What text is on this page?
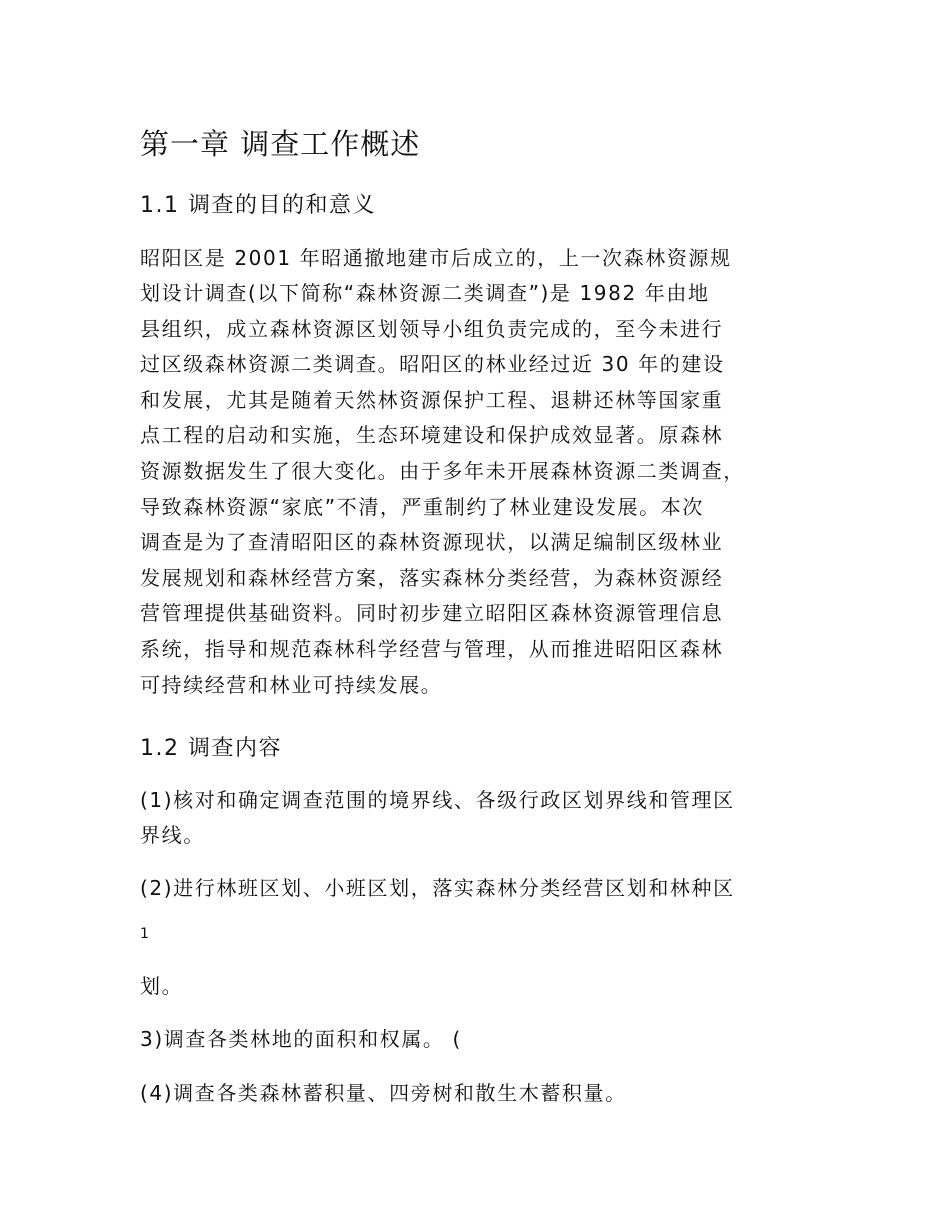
第一章 调查工作概述
1.1 调查的目的和意义
昭阳区是 2001 年昭通撤地建市后成立的，上一次森林资源规
划设计调查(以下简称“森林资源二类调查”)是 1982 年由地
县组织，成立森林资源区划领导小组负责完成的，至今未进行
过区级森林资源二类调查。昭阳区的林业经过近 30 年的建设
和发展，尤其是随着天然林资源保护工程、退耕还林等国家重
点工程的启动和实施，生态环境建设和保护成效显著。原森林
资源数据发生了很大变化。由于多年未开展森林资源二类调查，
导致森林资源“家底”不清，严重制约了林业建设发展。本次
调查是为了查清昭阳区的森林资源现状，以满足编制区级林业
发展规划和森林经营方案，落实森林分类经营，为森林资源经
营管理提供基础资料。同时初步建立昭阳区森林资源管理信息
系统，指导和规范森林科学经营与管理，从而推进昭阳区森林
可持续经营和林业可持续发展。
1.2 调查内容
(1)核对和确定调查范围的境界线、各级行政区划界线和管理区
界线。
(2)进行林班区划、小班区划，落实森林分类经营区划和林种区
1
划。
3)调查各类林地的面积和权属。 (
(4)调查各类森林蓄积量、四旁树和散生木蓄积量。
